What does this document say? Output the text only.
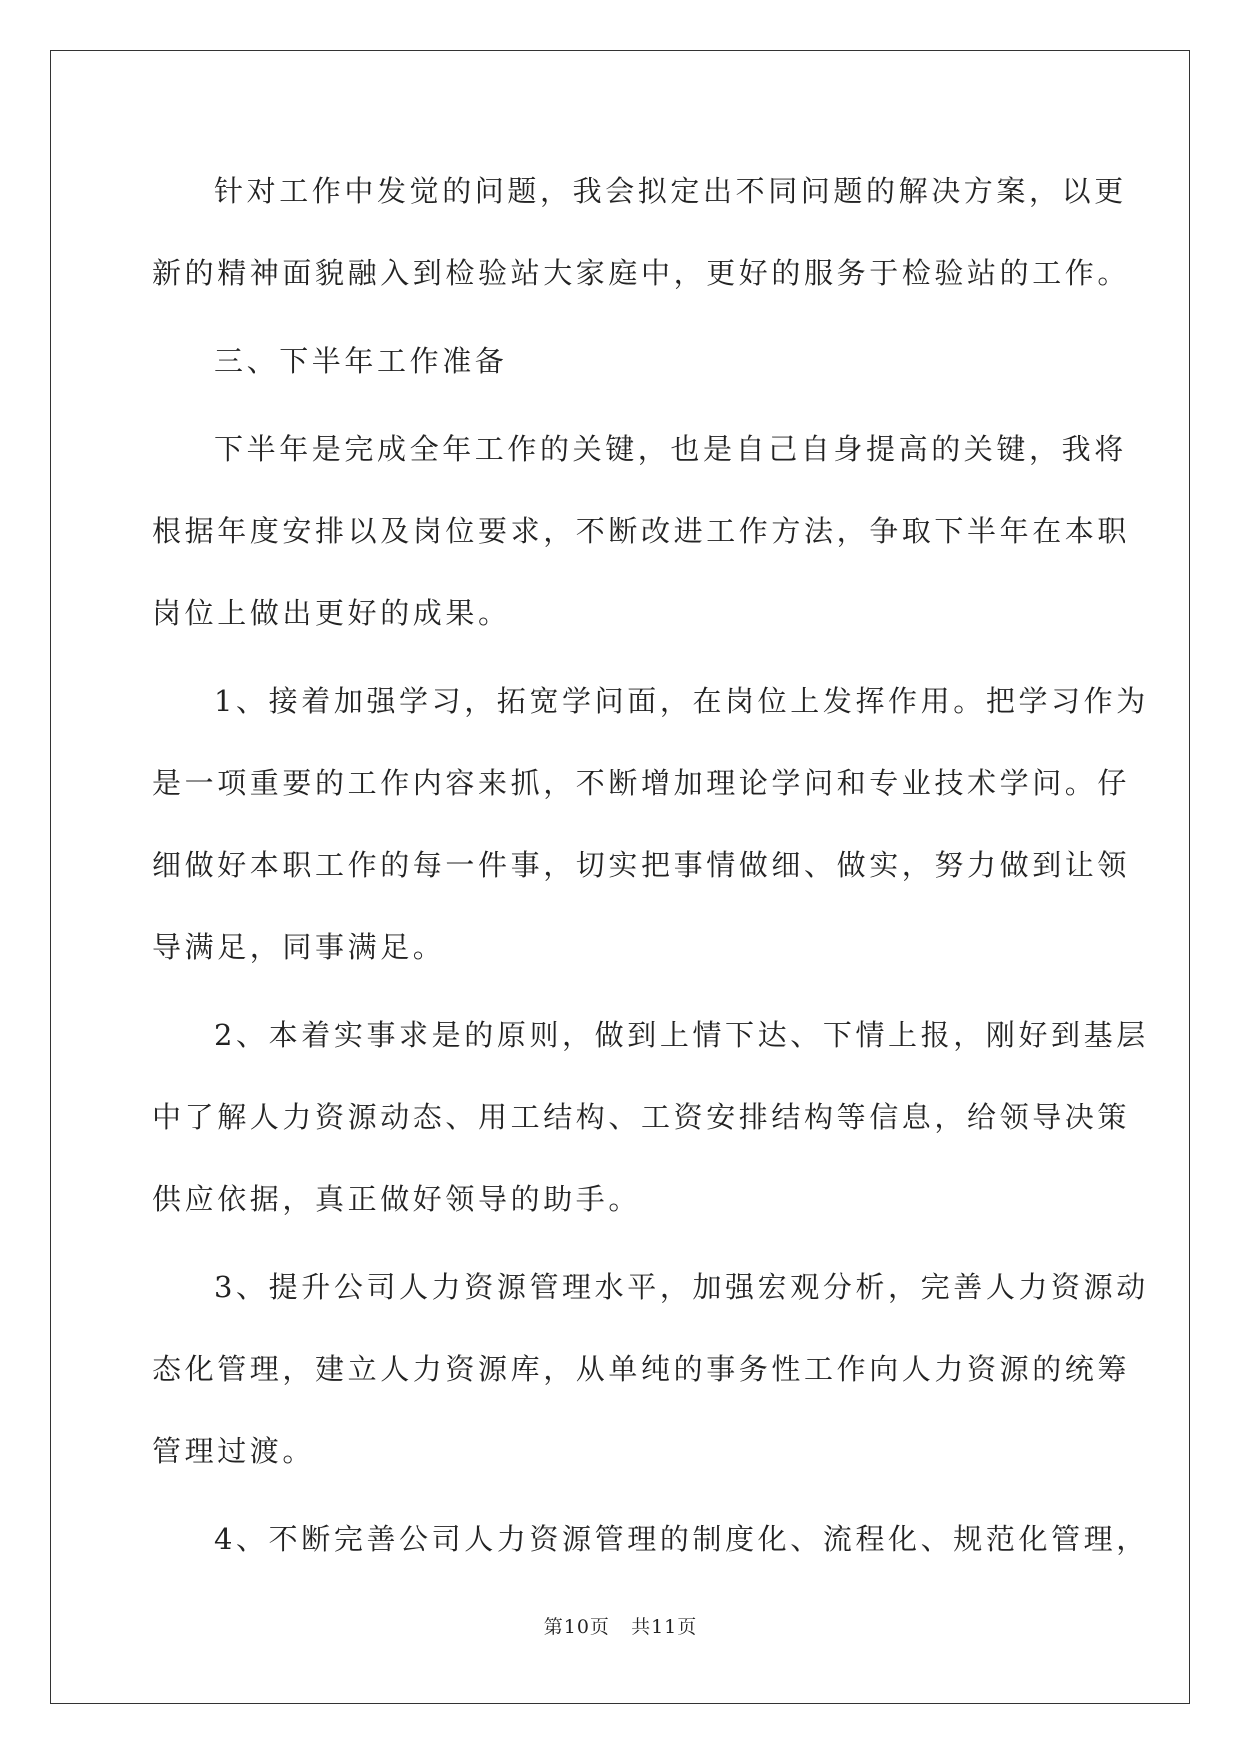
针对工作中发觉的问题，我会拟定出不同问题的解决方案，以更
新的精神面貌融入到检验站大家庭中，更好的服务于检验站的工作。

三、下半年工作准备

下半年是完成全年工作的关键，也是自己自身提高的关键，我将
根据年度安排以及岗位要求，不断改进工作方法，争取下半年在本职
岗位上做出更好的成果。

1、接着加强学习，拓宽学问面，在岗位上发挥作用。把学习作为
是一项重要的工作内容来抓，不断增加理论学问和专业技术学问。仔
细做好本职工作的每一件事，切实把事情做细、做实，努力做到让领
导满足，同事满足。

2、本着实事求是的原则，做到上情下达、下情上报，刚好到基层
中了解人力资源动态、用工结构、工资安排结构等信息，给领导决策
供应依据，真正做好领导的助手。

3、提升公司人力资源管理水平，加强宏观分析，完善人力资源动
态化管理，建立人力资源库，从单纯的事务性工作向人力资源的统筹
管理过渡。

4、不断完善公司人力资源管理的制度化、流程化、规范化管理，

第10页 共11页
